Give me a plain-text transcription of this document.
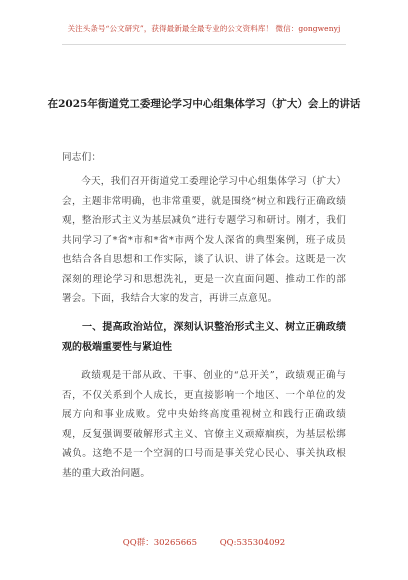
关注头条号“公文研究”，获得最新最全最专业的公文资料库！ 微信：gongwenyj
在2025年街道党工委理论学习中心组集体学习（扩大）会上的讲话
同志们：
今天，我们召开街道党工委理论学习中心组集体学习（扩大）会，主题非常明确，也非常重要，就是围绕“树立和践行正确政绩观，整治形式主义为基层减负”进行专题学习和研讨。刚才，我们共同学习了*省*市和*省*市两个发人深省的典型案例，班子成员也结合各自思想和工作实际，谈了认识、讲了体会。这既是一次深刻的理论学习和思想洗礼，更是一次直面问题、推动工作的部署会。下面，我结合大家的发言，再讲三点意见。
一、提高政治站位，深刻认识整治形式主义、树立正确政绩观的极端重要性与紧迫性
政绩观是干部从政、干事、创业的“总开关”，政绩观正确与否，不仅关系到个人成长，更直接影响一个地区、一个单位的发展方向和事业成败。党中央始终高度重视树立和践行正确政绩观，反复强调要破解形式主义、官僚主义顽瘴痼疾，为基层松绑减负。这绝不是一个空洞的口号而是事关党心民心、事关执政根基的重大政治问题。
QQ群：30265665 QQ:535304092
